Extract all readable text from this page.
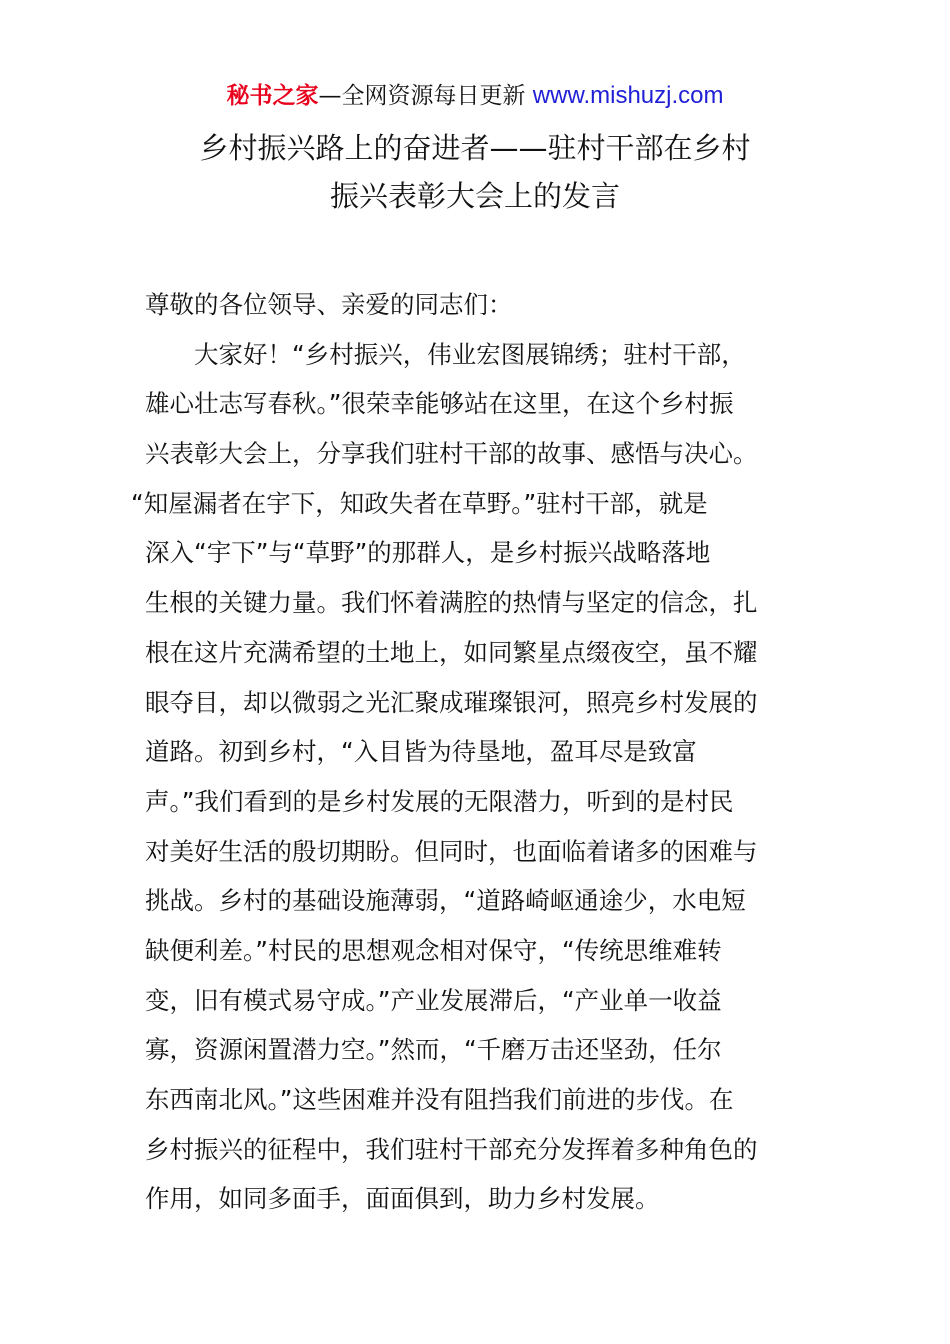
秘书之家—全网资源每日更新 www.mishuzj.com
乡村振兴路上的奋进者——驻村干部在乡村
振兴表彰大会上的发言
尊敬的各位领导、亲爱的同志们：
大家好！“乡村振兴，伟业宏图展锦绣；驻村干部，
雄心壮志写春秋。”很荣幸能够站在这里，在这个乡村振
兴表彰大会上，分享我们驻村干部的故事、感悟与决心。
“知屋漏者在宇下，知政失者在草野。”驻村干部，就是
深入“宇下”与“草野”的那群人，是乡村振兴战略落地
生根的关键力量。我们怀着满腔的热情与坚定的信念，扎
根在这片充满希望的土地上，如同繁星点缀夜空，虽不耀
眼夺目，却以微弱之光汇聚成璀璨银河，照亮乡村发展的
道路。初到乡村，“入目皆为待垦地，盈耳尽是致富
声。”我们看到的是乡村发展的无限潜力，听到的是村民
对美好生活的殷切期盼。但同时，也面临着诸多的困难与
挑战。乡村的基础设施薄弱，“道路崎岖通途少，水电短
缺便利差。”村民的思想观念相对保守，“传统思维难转
变，旧有模式易守成。”产业发展滞后，“产业单一收益
寡，资源闲置潜力空。”然而，“千磨万击还坚劲，任尔
东西南北风。”这些困难并没有阻挡我们前进的步伐。在
乡村振兴的征程中，我们驻村干部充分发挥着多种角色的
作用，如同多面手，面面俱到，助力乡村发展。
